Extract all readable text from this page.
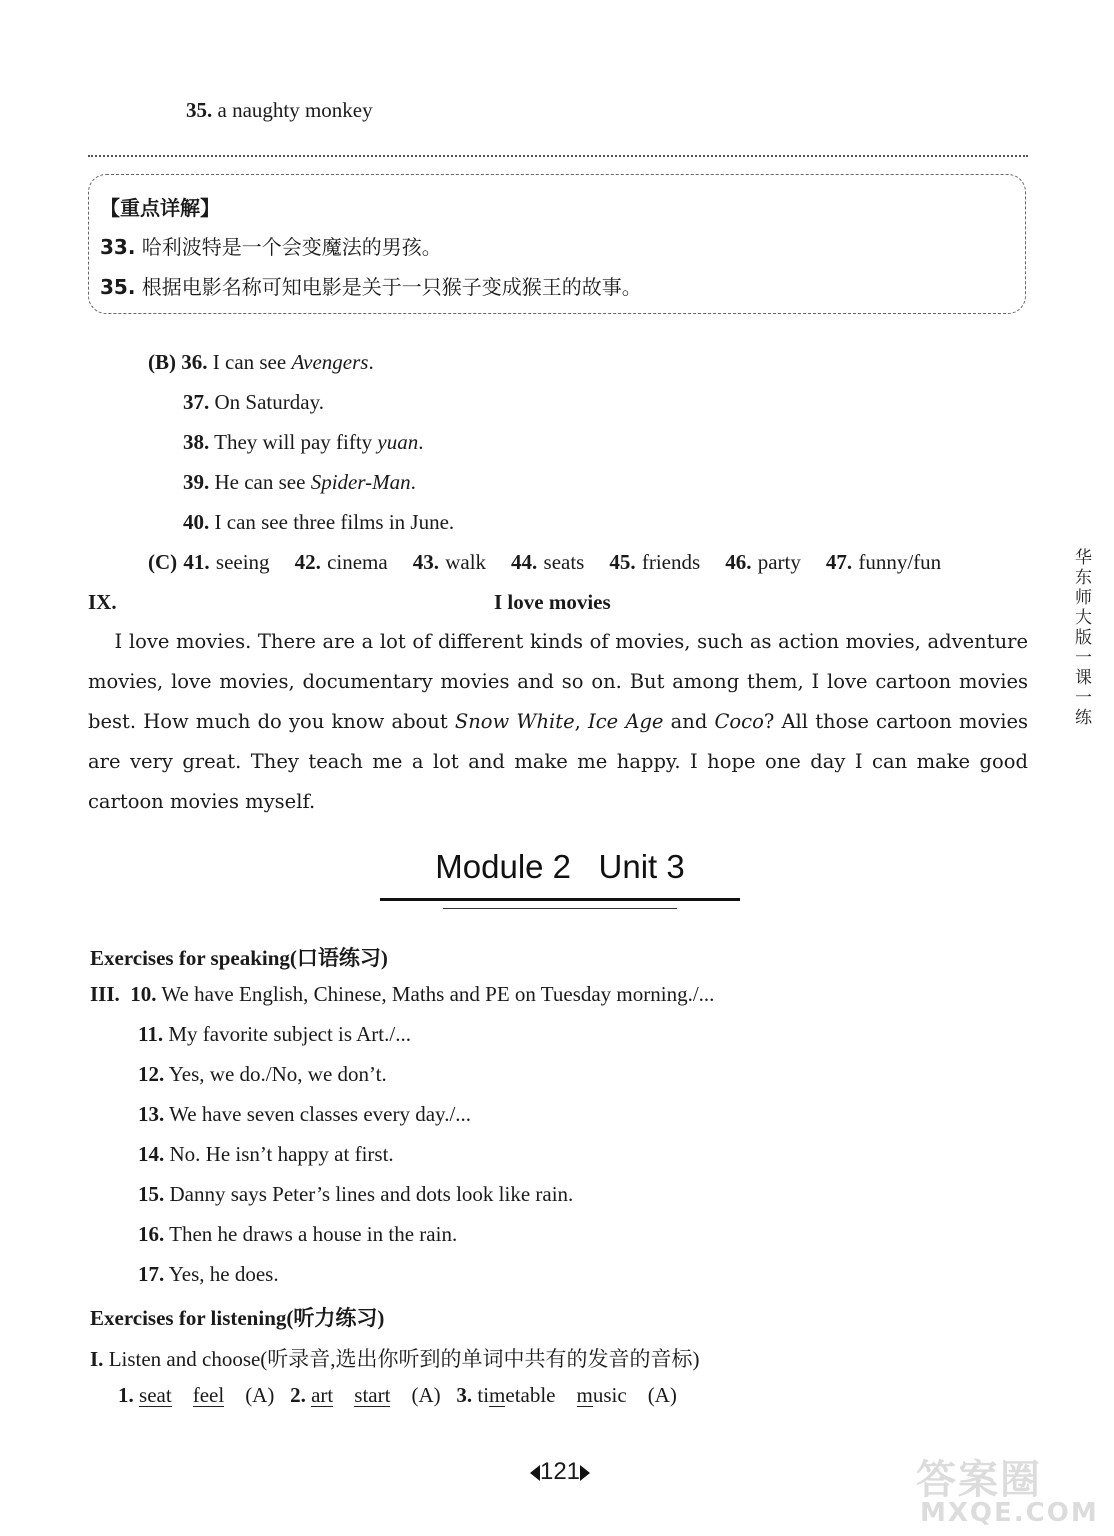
35. a naughty monkey
【重点详解】
33. 哈利波特是一个会变魔法的男孩。
35. 根据电影名称可知电影是关于一只猴子变成猴王的故事。
(B) 36. I can see Avengers.
37. On Saturday.
38. They will pay fifty yuan.
39. He can see Spider-Man.
40. I can see three films in June.
(C) 41. seeing 42. cinema 43. walk 44. seats 45. friends 46. party 47. funny/fun
IX.	I love movies
I love movies. There are a lot of different kinds of movies, such as action movies, adventure movies, love movies, documentary movies and so on. But among them, I love cartoon movies best. How much do you know about Snow White, Ice Age and Coco? All those cartoon movies are very great. They teach me a lot and make me happy. I hope one day I can make good cartoon movies myself.
华东师大版一课一练
Module 2   Unit 3
Exercises for speaking(口语练习)
III. 10. We have English, Chinese, Maths and PE on Tuesday morning./...
11. My favorite subject is Art./...
12. Yes, we do./No, we don’t.
13. We have seven classes every day./...
14. No. He isn’t happy at first.
15. Danny says Peter’s lines and dots look like rain.
16. Then he draws a house in the rain.
17. Yes, he does.
Exercises for listening(听力练习)
I. Listen and choose(听录音,选出你听到的单词中共有的发音的音标)
1. seat feel (A) 2. art start (A) 3. timetable music (A)
121	答案圈
MXQE.COM
